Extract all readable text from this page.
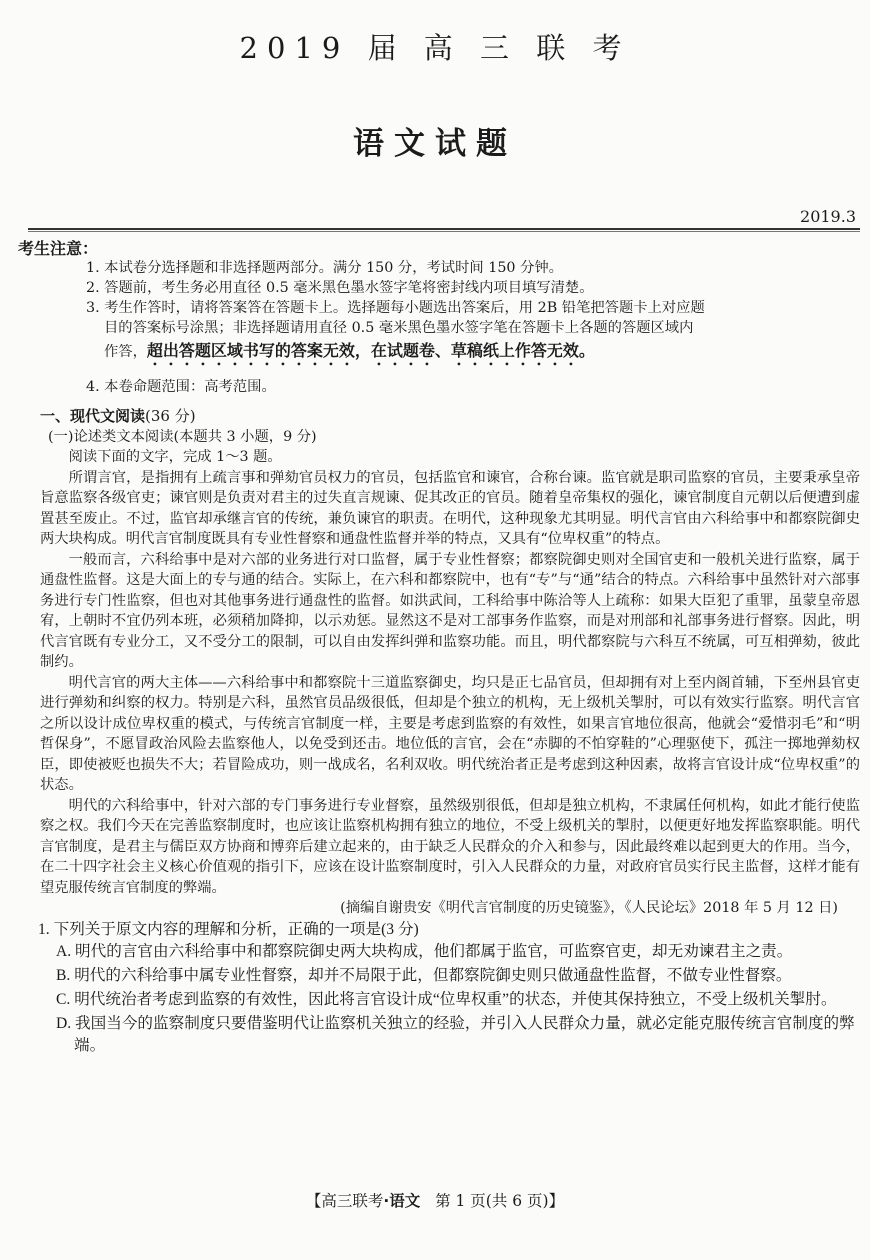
2019 届 高 三 联 考
语文试题
2019.3
考生注意：
1. 本试卷分选择题和非选择题两部分。满分 150 分，考试时间 150 分钟。
2. 答题前，考生务必用直径 0.5 毫米黑色墨水签字笔将密封线内项目填写清楚。
3. 考生作答时，请将答案答在答题卡上。选择题每小题选出答案后，用 2B 铅笔把答题卡上对应题
目的答案标号涂黑；非选择题请用直径 0.5 毫米黑色墨水签字笔在答题卡上各题的答题区域内
作答，超出答题区域书写的答案无效，在试题卷、草稿纸上作答无效。
4. 本卷命题范围：高考范围。
一、现代文阅读(36 分)
(一)论述类文本阅读(本题共 3 小题，9 分)
阅读下面的文字，完成 1～3 题。

所谓言官，是指拥有上疏言事和弹劾官员权力的官员，包括监官和谏官，合称台谏。监官就是职司监察的官员，主要秉承皇帝旨意监察各级官吏；谏官则是负责对君主的过失直言规谏、促其改正的官员。随着皇帝集权的强化，谏官制度自元朝以后便遭到虚置甚至废止。不过，监官却承继言官的传统，兼负谏官的职责。在明代，这种现象尤其明显。明代言官由六科给事中和都察院御史两大块构成。明代言官制度既具有专业性督察和通盘性监督并举的特点，又具有“位卑权重”的特点。

一般而言，六科给事中是对六部的业务进行对口监督，属于专业性督察；都察院御史则对全国官吏和一般机关进行监察，属于通盘性监督。这是大面上的专与通的结合。实际上，在六科和都察院中，也有“专”与“通”结合的特点。六科给事中虽然针对六部事务进行专门性监察，但也对其他事务进行通盘性的监督。如洪武间，工科给事中陈洽等人上疏称：如果大臣犯了重罪，虽蒙皇帝恩宥，上朝时不宜仍列本班，必须稍加降抑，以示劝惩。显然这不是对工部事务作监察，而是对刑部和礼部事务进行督察。因此，明代言官既有专业分工，又不受分工的限制，可以自由发挥纠弹和监察功能。而且，明代都察院与六科互不统属，可互相弹劾，彼此制约。

明代言官的两大主体——六科给事中和都察院十三道监察御史，均只是正七品官员，但却拥有对上至内阁首辅，下至州县官吏进行弹劾和纠察的权力。特别是六科，虽然官员品级很低，但却是个独立的机构，无上级机关掣肘，可以有效实行监察。明代言官之所以设计成位卑权重的模式，与传统言官制度一样，主要是考虑到监察的有效性，如果言官地位很高，他就会“爱惜羽毛”和“明哲保身”，不愿冒政治风险去监察他人，以免受到还击。地位低的言官，会在“赤脚的不怕穿鞋的”心理驱使下，孤注一掷地弹劾权臣，即使被贬也损失不大；若冒险成功，则一战成名，名利双收。明代统治者正是考虑到这种因素，故将言官设计成“位卑权重”的状态。

明代的六科给事中，针对六部的专门事务进行专业督察，虽然级别很低，但却是独立机构，不隶属任何机构，如此才能行使监察之权。我们今天在完善监察制度时，也应该让监察机构拥有独立的地位，不受上级机关的掣肘，以便更好地发挥监察职能。明代言官制度，是君主与儒臣双方协商和博弈后建立起来的，由于缺乏人民群众的介入和参与，因此最终难以起到更大的作用。当今，在二十四字社会主义核心价值观的指引下，应该在设计监察制度时，引入人民群众的力量，对政府官员实行民主监督，这样才能有望克服传统言官制度的弊端。

(摘编自谢贵安《明代言官制度的历史镜鉴》，《人民论坛》2018 年 5 月 12 日)
1. 下列关于原文内容的理解和分析，正确的一项是(3 分)
A. 明代的言官由六科给事中和都察院御史两大块构成，他们都属于监官，可监察官吏，却无劝谏君主之责。
B. 明代的六科给事中属专业性督察，却并不局限于此，但都察院御史则只做通盘性监督，不做专业性督察。
C. 明代统治者考虑到监察的有效性，因此将言官设计成“位卑权重”的状态，并使其保持独立，不受上级机关掣肘。
D. 我国当今的监察制度只要借鉴明代让监察机关独立的经验，并引入人民群众力量，就必定能克服传统言官制度的弊端。
【高三联考·语文 第 1 页(共 6 页)】
